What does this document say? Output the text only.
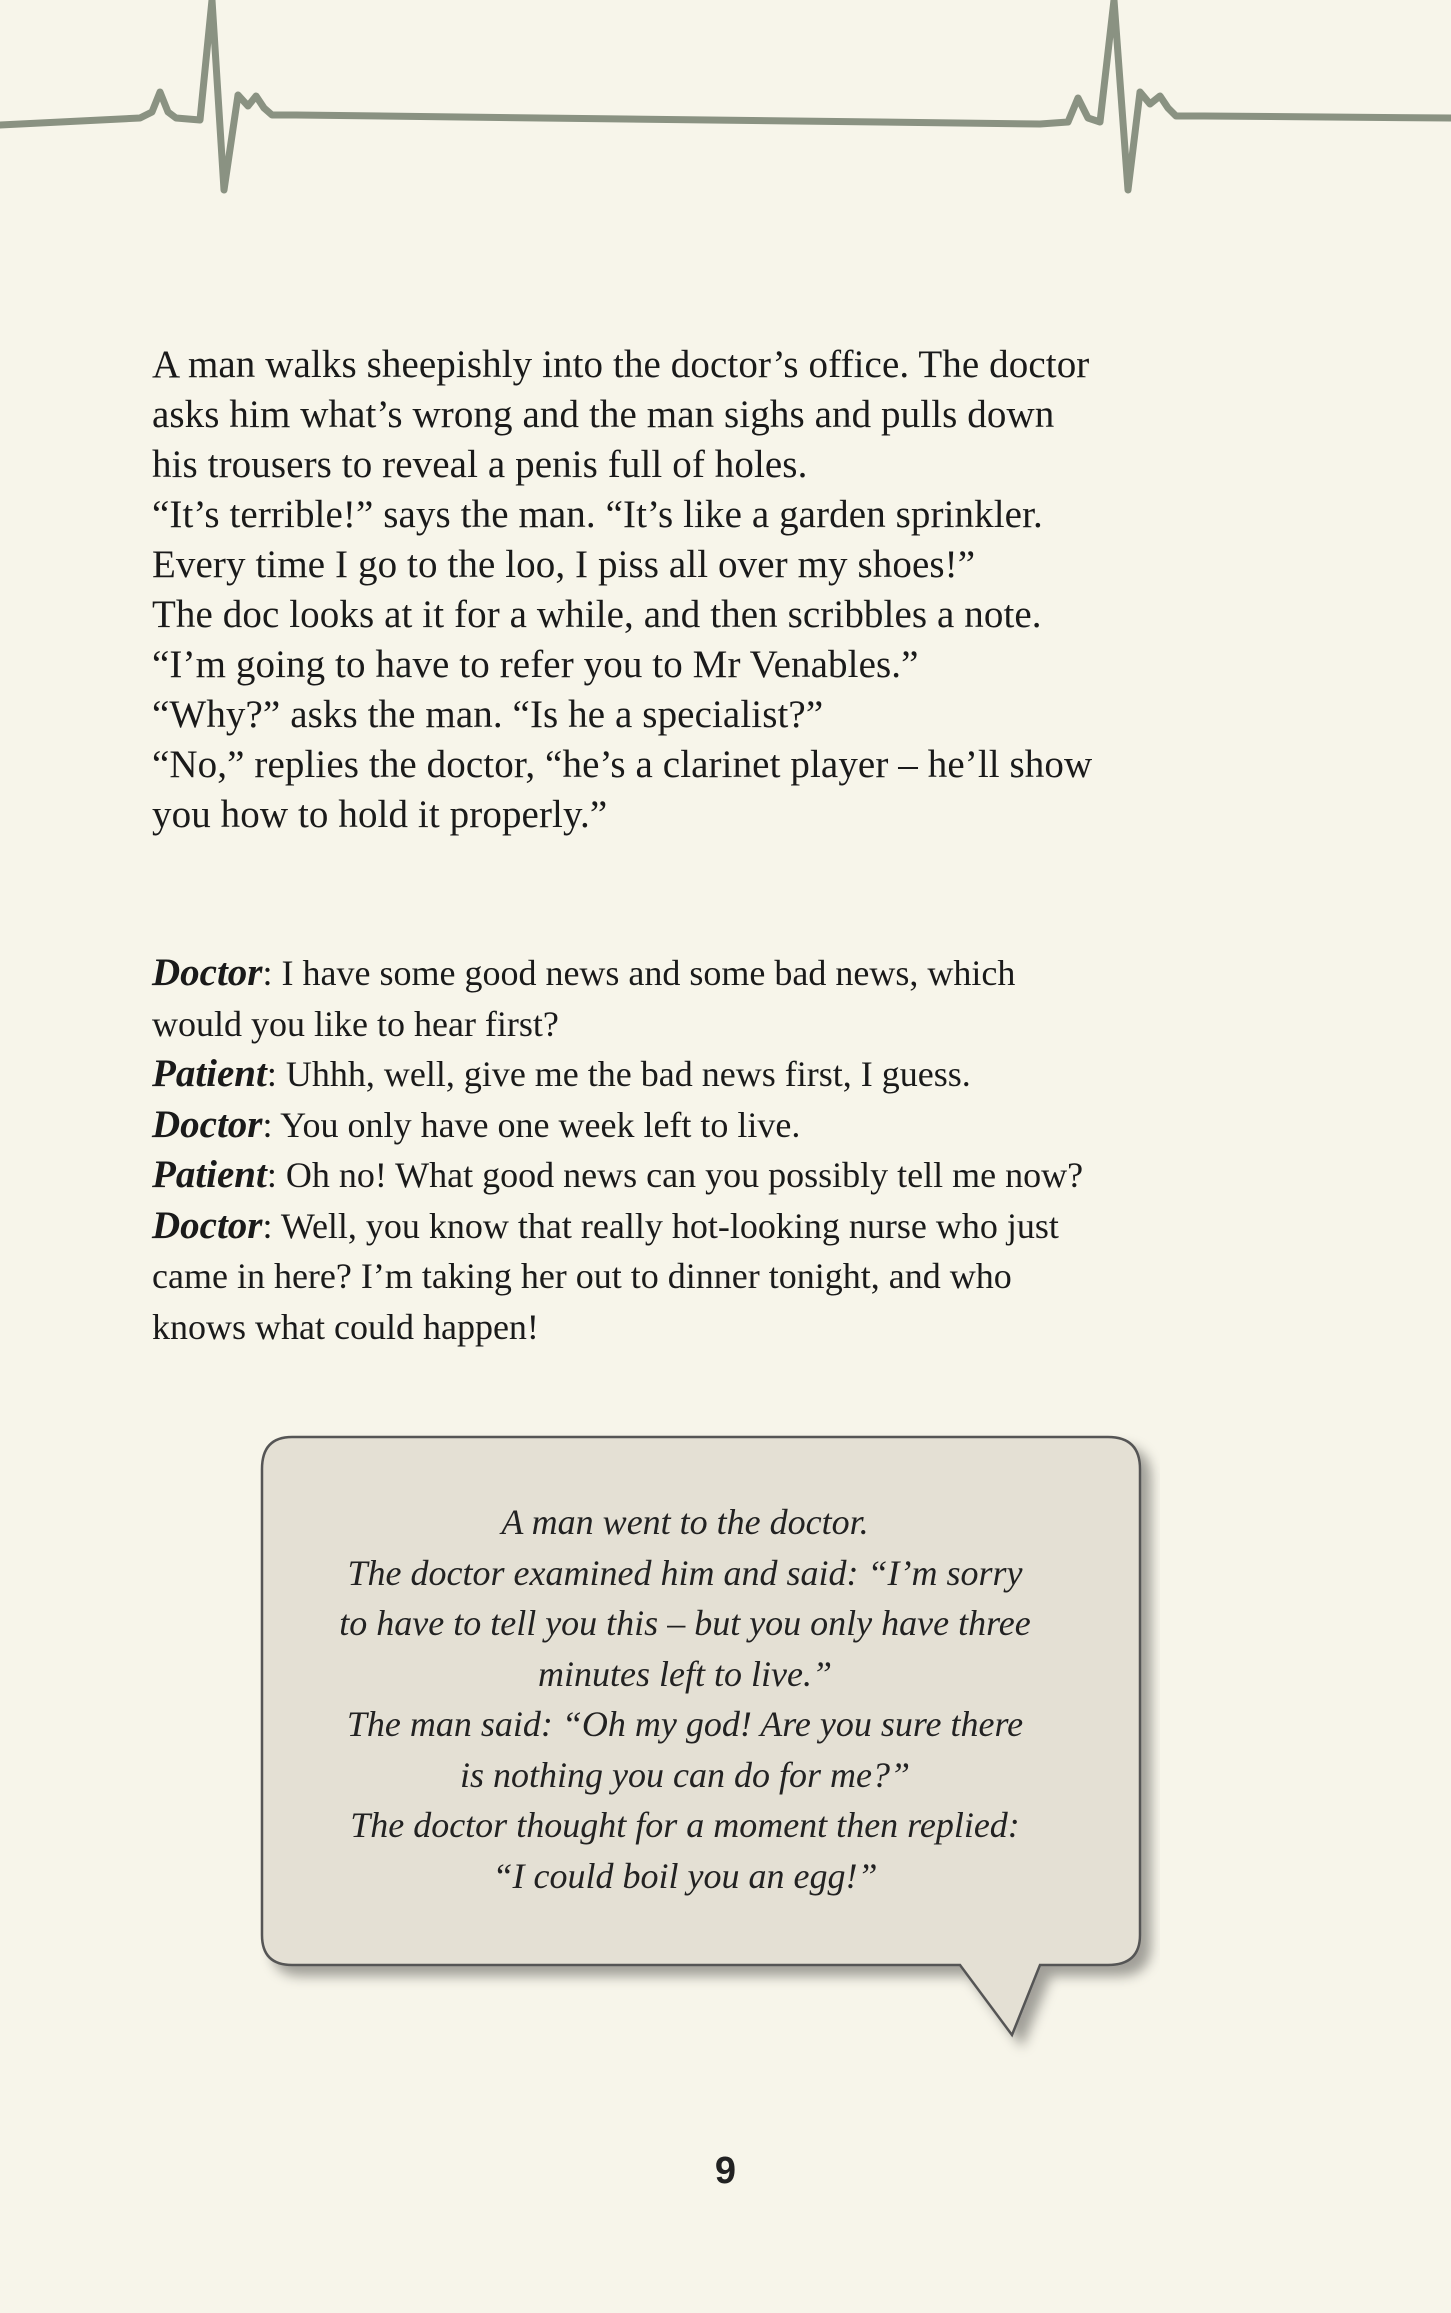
A man walks sheepishly into the doctor’s office. The doctor

asks him what’s wrong and the man sighs and pulls down

his trousers to reveal a penis full of holes.

“It’s terrible!” says the man. “It’s like a garden sprinkler.

Every time I go to the loo, I piss all over my shoes!”

The doc looks at it for a while, and then scribbles a note.

“I’m going to have to refer you to Mr Venables.”

“Why?” asks the man. “Is he a specialist?”

“No,” replies the doctor, “he’s a clarinet player – he’ll show

you how to hold it properly.”

Doctor: I have some good news and some bad news, which

would you like to hear first?

Patient: Uhhh, well, give me the bad news first, I guess.

Doctor: You only have one week left to live.

Patient: Oh no! What good news can you possibly tell me now?

Doctor: Well, you know that really hot-looking nurse who just

came in here? I’m taking her out to dinner tonight, and who

knows what could happen!

A man went to the doctor.

The doctor examined him and said: “I’m sorry

to have to tell you this – but you only have three

minutes left to live.”

The man said: “Oh my god! Are you sure there

is nothing you can do for me?”

The doctor thought for a moment then replied:

“I could boil you an egg!”

9
